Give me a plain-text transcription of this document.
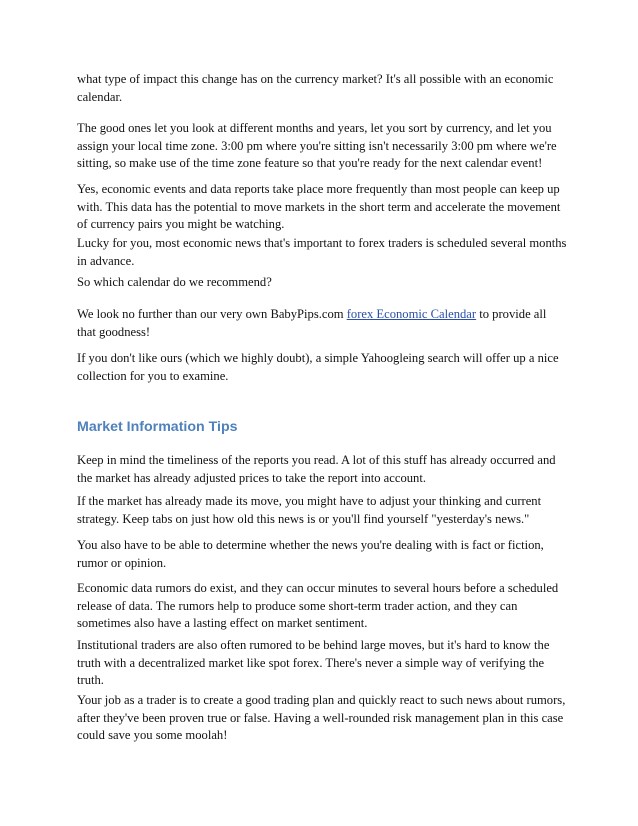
what type of impact this change has on the currency market? It's all possible with an economic calendar.

The good ones let you look at different months and years, let you sort by currency, and let you assign your local time zone. 3:00 pm where you're sitting isn't necessarily 3:00 pm where we're sitting, so make use of the time zone feature so that you're ready for the next calendar event!

Yes, economic events and data reports take place more frequently than most people can keep up with. This data has the potential to move markets in the short term and accelerate the movement of currency pairs you might be watching.

Lucky for you, most economic news that's important to forex traders is scheduled several months in advance.

So which calendar do we recommend?

We look no further than our very own BabyPips.com forex Economic Calendar to provide all that goodness!

If you don't like ours (which we highly doubt), a simple Yahoogleing search will offer up a nice collection for you to examine.

Market Information Tips

Keep in mind the timeliness of the reports you read. A lot of this stuff has already occurred and the market has already adjusted prices to take the report into account.

If the market has already made its move, you might have to adjust your thinking and current strategy. Keep tabs on just how old this news is or you'll find yourself "yesterday's news."

You also have to be able to determine whether the news you're dealing with is fact or fiction, rumor or opinion.

Economic data rumors do exist, and they can occur minutes to several hours before a scheduled release of data. The rumors help to produce some short-term trader action, and they can sometimes also have a lasting effect on market sentiment.

Institutional traders are also often rumored to be behind large moves, but it's hard to know the truth with a decentralized market like spot forex. There's never a simple way of verifying the truth.

Your job as a trader is to create a good trading plan and quickly react to such news about rumors, after they've been proven true or false. Having a well-rounded risk management plan in this case could save you some moolah!
